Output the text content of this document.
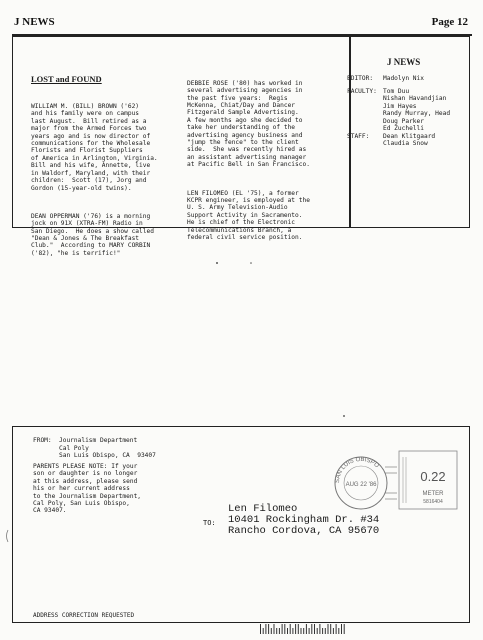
J NEWS	Page 12

LOST and FOUND

WILLIAM M. (BILL) BROWN ('62)
and his family were on campus
last August.  Bill retired as a
major from the Armed Forces two
years ago and is now director of
communications for the Wholesale
Florists and Florist Suppliers
of America in Arlington, Virginia.
Bill and his wife, Annette, live
in Waldorf, Maryland, with their
children:  Scott (17), Jorg and
Gordon (15-year-old twins).

DEAN OPPERMAN ('76) is a morning
jock on 91X (XTRA-FM) Radio in
San Diego.  He does a show called
"Dean & Jones & The Breakfast
Club."  According to MARY CORBIN
('82), "he is terrific!"

DEBBIE ROSE ('80) has worked in
several advertising agencies in
the past five years:  Regis
McKenna, Chiat/Day and Dancer
Fitzgerald Sample Advertising.
A few months ago she decided to
take her understanding of the
advertising agency business and
"jump the fence" to the client
side.  She was recently hired as
an assistant advertising manager
at Pacific Bell in San Francisco.

LEN FILOMEO (EL '75), a former
KCPR engineer, is employed at the
U. S. Army Television-Audio
Support Activity in Sacramento.
He is chief of the Electronic
Telecommunications Branch, a
federal civil service position.

J NEWS
EDITOR:	Madolyn Nix
FACULTY: Tom Duu
Nishan Havandjian
Jim Hayes
Randy Murray, Head
Doug Parker
Ed Zuchelli
STAFF:	Dean Klitgaard
Claudia Snow
FROM: Journalism Department
Cal Poly
San Luis Obispo, CA  93407
PARENTS PLEASE NOTE: If your
son or daughter is no longer
at this address, please send
his or her current address
to the Journalism Department,
Cal Poly, San Luis Obispo,
CA 93407.
SAN LUIS OBISPO
AUG 22 '86
0.22
METER
5816404
TO:
Len Filomeo
10401 Rockingham Dr. #34
Rancho Cordova, CA 95670
ADDRESS CORRECTION REQUESTED
